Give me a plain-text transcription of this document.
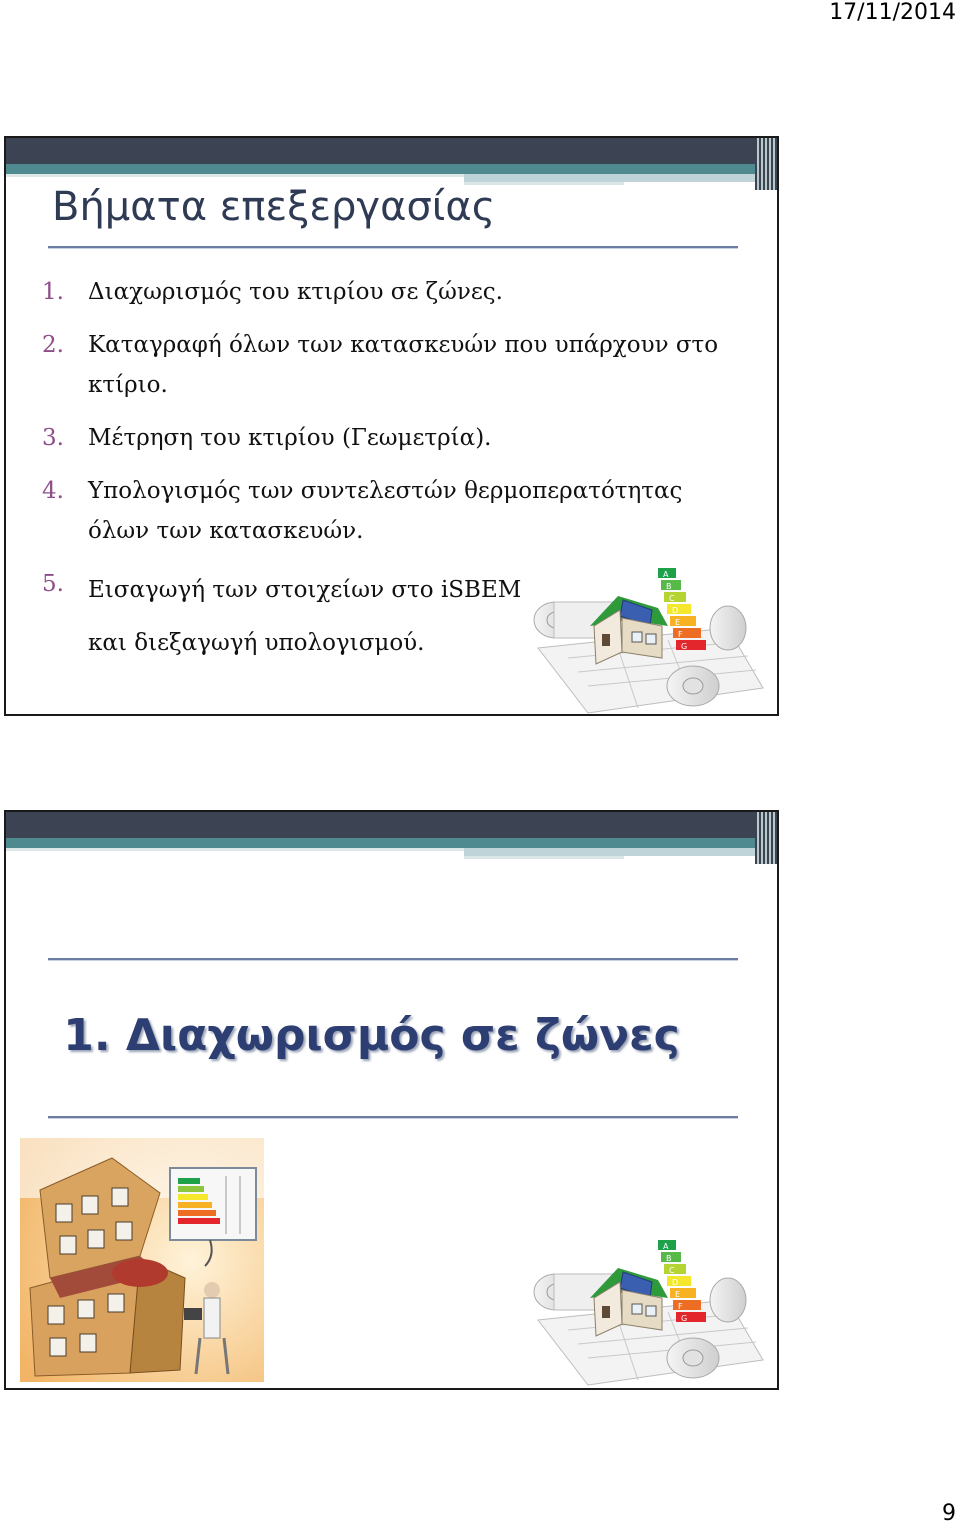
17/11/2014
Βήματα επεξεργασίας
1. Διαχωρισμός του κτιρίου σε ζώνες.
2. Καταγραφή όλων των κατασκευών που υπάρχουν στο κτίριο.
3. Μέτρηση του κτιρίου (Γεωμετρία).
4. Υπολογισμός των συντελεστών θερμοπερατότητας όλων των κατασκευών.
5. Εισαγωγή των στοιχείων στο iSBEM και διεξαγωγή υπολογισμού.
A
B
C
D
E
F
G
1. Διαχωρισμός σε ζώνες
A
B
C
D
E
F
G
9
